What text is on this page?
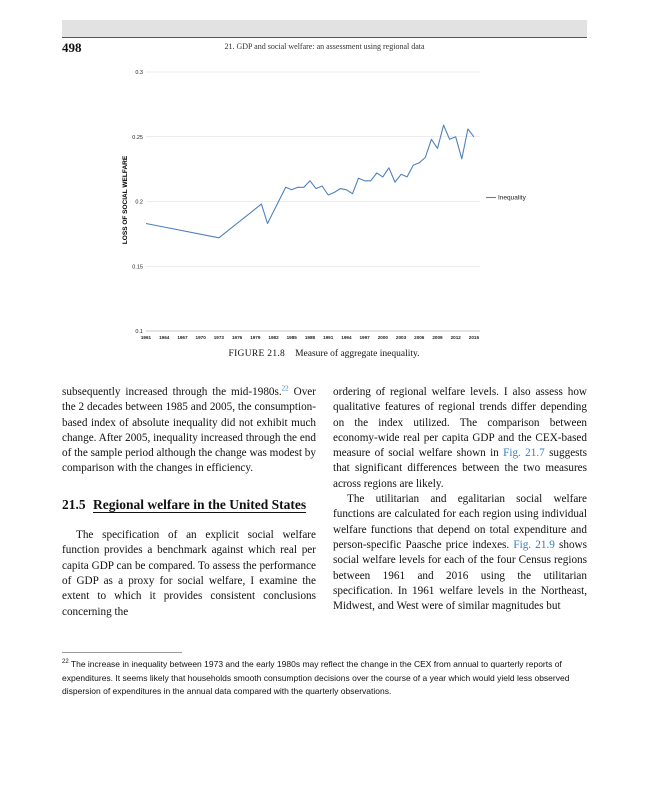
498	21. GDP and social welfare: an assessment using regional data
0.1
0.15
0.2
0.25
0.3
1961 1964 1967 1970 1973 1976 1979 1982 1985 1988 1991 1994 1997 2000 2003 2006 2009 2012 2015
Inequality
LOSS OF SOCIAL WELFARE
FIGURE 21.8 Measure of aggregate inequality.

subsequently increased through the mid-1980s.$^{22}$ Over the 2 decades between 1985 and 2005, the consumption-based index of absolute inequality did not exhibit much change. After 2005, inequality increased through the end of the sample period although the change was modest by comparison with the changes in efficiency.

21.5 Regional welfare in the United States

The specification of an explicit social welfare function provides a benchmark against which real per capita GDP can be compared. To assess the performance of GDP as a proxy for social welfare, I examine the extent to which it provides consistent conclusions concerning the

ordering of regional welfare levels. I also assess how qualitative features of regional trends differ depending on the index utilized. The comparison between economy-wide real per capita GDP and the CEX-based measure of social welfare shown in Fig. 21.7 suggests that significant differences between the two measures across regions are likely.

The utilitarian and egalitarian social welfare functions are calculated for each region using individual welfare functions that depend on total expenditure and person-specific Paasche price indexes. Fig. 21.9 shows social welfare levels for each of the four Census regions between 1961 and 2016 using the utilitarian specification. In 1961 welfare levels in the Northeast, Midwest, and West were of similar magnitudes but

$^{22}$ The increase in inequality between 1973 and the early 1980s may reflect the change in the CEX from annual to quarterly reports of expenditures. It seems likely that households smooth consumption decisions over the course of a year which would yield less observed dispersion of expenditures in the annual data compared with the quarterly observations.
